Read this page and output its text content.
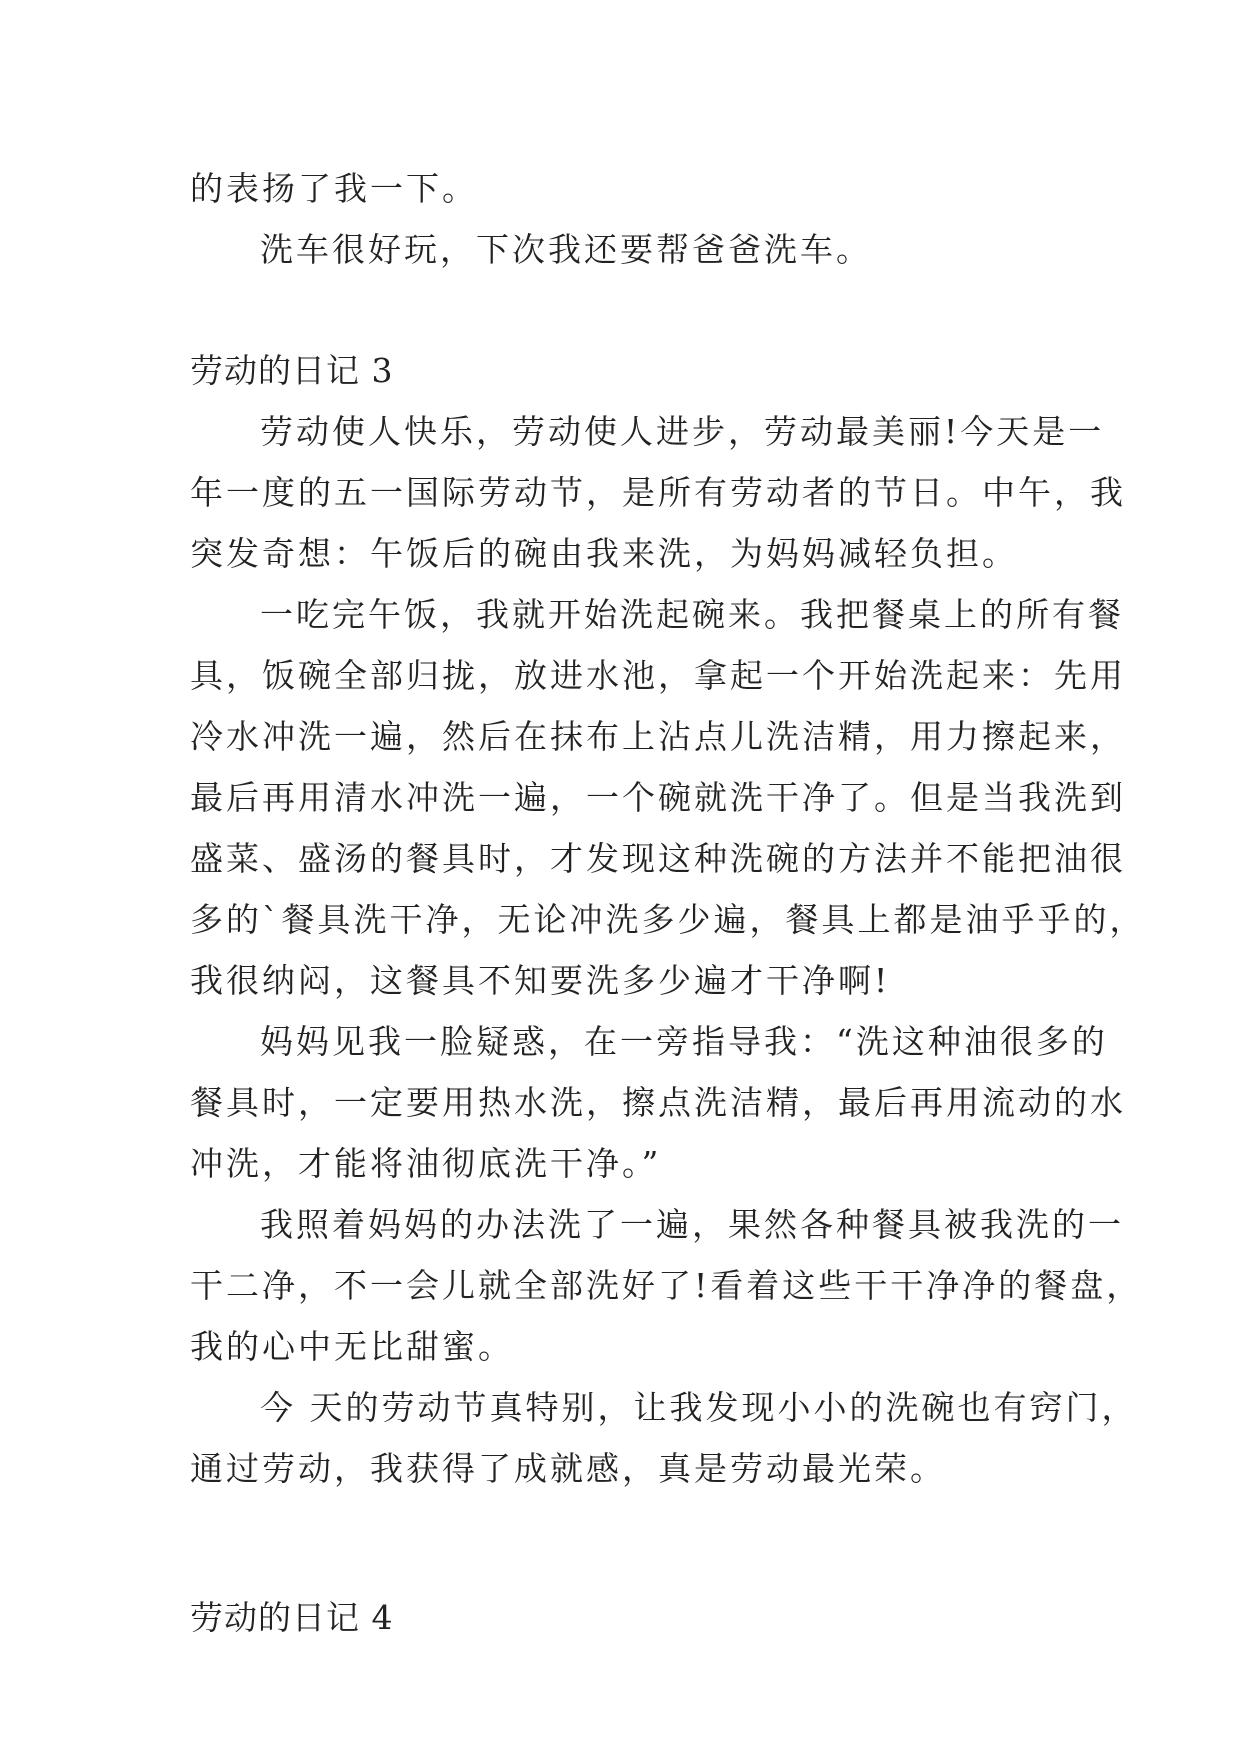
的表扬了我一下。
洗车很好玩，下次我还要帮爸爸洗车。
劳动的日记 3
劳动使人快乐，劳动使人进步，劳动最美丽!今天是一
年一度的五一国际劳动节，是所有劳动者的节日。中午，我
突发奇想：午饭后的碗由我来洗，为妈妈减轻负担。
一吃完午饭，我就开始洗起碗来。我把餐桌上的所有餐
具，饭碗全部归拢，放进水池，拿起一个开始洗起来：先用
冷水冲洗一遍，然后在抹布上沾点儿洗洁精，用力擦起来，
最后再用清水冲洗一遍，一个碗就洗干净了。但是当我洗到
盛菜、盛汤的餐具时，才发现这种洗碗的方法并不能把油很
多的`餐具洗干净，无论冲洗多少遍，餐具上都是油乎乎的，
我很纳闷，这餐具不知要洗多少遍才干净啊!
妈妈见我一脸疑惑，在一旁指导我：“洗这种油很多的
餐具时，一定要用热水洗，擦点洗洁精，最后再用流动的水
冲洗，才能将油彻底洗干净。”
我照着妈妈的办法洗了一遍，果然各种餐具被我洗的一
干二净，不一会儿就全部洗好了!看着这些干干净净的餐盘，
我的心中无比甜蜜。
今 天的劳动节真特别，让我发现小小的洗碗也有窍门，
通过劳动，我获得了成就感，真是劳动最光荣。
劳动的日记 4
